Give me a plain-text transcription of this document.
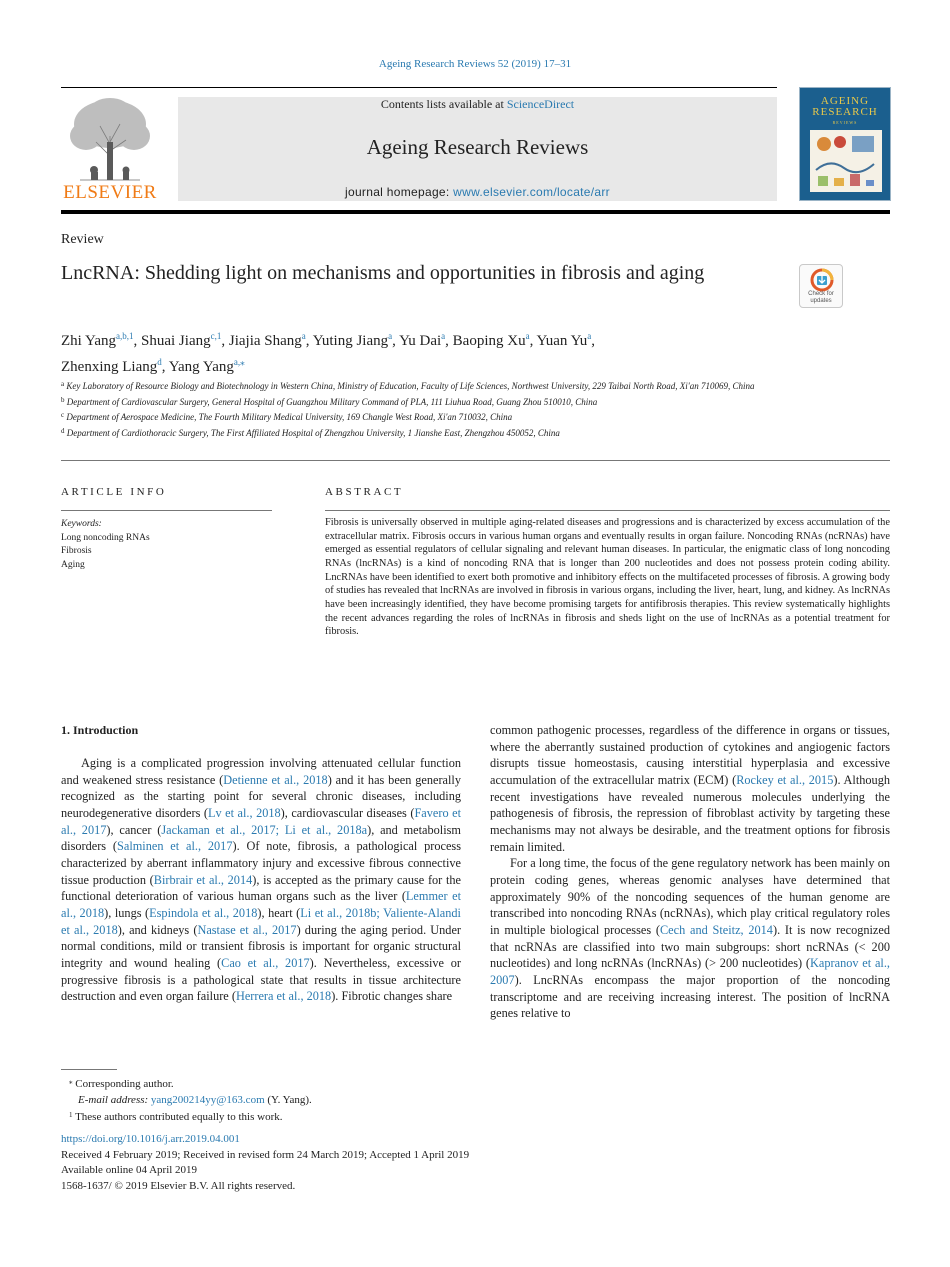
Ageing Research Reviews 52 (2019) 17–31
ELSEVIER
Contents lists available at ScienceDirect
Ageing Research Reviews
journal homepage: www.elsevier.com/locate/arr
AGEING RESEARCH
REVIEWS
Review
LncRNA: Shedding light on mechanisms and opportunities in fibrosis and aging
Check for updates
Zhi Yang$^{a,b,1}$, Shuai Jiang$^{c,1}$, Jiajia Shang$^a$, Yuting Jiang$^a$, Yu Dai$^a$, Baoping Xu$^a$, Yuan Yu$^a$,
Zhenxing Liang$^d$, Yang Yang$^{a,⁎}$
$^a$ Key Laboratory of Resource Biology and Biotechnology in Western China, Ministry of Education, Faculty of Life Sciences, Northwest University, 229 Taibai North Road, Xi'an 710069, China
$^b$ Department of Cardiovascular Surgery, General Hospital of Guangzhou Military Command of PLA, 111 Liuhua Road, Guang Zhou 510010, China
$^c$ Department of Aerospace Medicine, The Fourth Military Medical University, 169 Changle West Road, Xi'an 710032, China
$^d$ Department of Cardiothoracic Surgery, The First Affiliated Hospital of Zhengzhou University, 1 Jianshe East, Zhengzhou 450052, China
ARTICLE INFO
Keywords:
Long noncoding RNAs
Fibrosis
Aging
ABSTRACT
Fibrosis is universally observed in multiple aging-related diseases and progressions and is characterized by excess accumulation of the extracellular matrix. Fibrosis occurs in various human organs and eventually results in organ failure. Noncoding RNAs (ncRNAs) have emerged as essential regulators of cellular signaling and relevant human diseases. In particular, the enigmatic class of long noncoding RNAs (lncRNAs) is a kind of noncoding RNA that is longer than 200 nucleotides and does not possess protein coding ability. LncRNAs have been identified to exert both promotive and inhibitory effects on the multifaceted processes of fibrosis. A growing body of studies has revealed that lncRNAs are involved in fibrosis in various organs, including the liver, heart, lung, and kidney. As lncRNAs have been increasingly identified, they have become promising targets for antifibrosis therapies. This review systematically highlights the recent advances regarding the roles of lncRNAs in fibrosis and sheds light on the use of lncRNAs as a potential treatment for fibrosis.
1. Introduction

Aging is a complicated progression involving attenuated cellular function and weakened stress resistance (Detienne et al., 2018) and it has been generally recognized as the starting point for several chronic diseases, including neurodegenerative disorders (Lv et al., 2018), cardiovascular diseases (Favero et al., 2017), cancer (Jackaman et al., 2017; Li et al., 2018a), and metabolism disorders (Salminen et al., 2017). Of note, fibrosis, a pathological process characterized by aberrant inflammatory injury and excessive fibrous connective tissue production (Birbrair et al., 2014), is accepted as the primary cause for the functional deterioration of various human organs such as the liver (Lemmer et al., 2018), lungs (Espindola et al., 2018), heart (Li et al., 2018b; Valiente-Alandi et al., 2018), and kidneys (Nastase et al., 2017) during the aging period. Under normal conditions, mild or transient fibrosis is important for organic structural integrity and wound healing (Cao et al., 2017). Nevertheless, excessive or progressive fibrosis is a pathological state that results in tissue architecture destruction and even organ failure (Herrera et al., 2018). Fibrotic changes share

common pathogenic processes, regardless of the difference in organs or tissues, where the aberrantly sustained production of cytokines and angiogenic factors disrupts tissue homeostasis, causing interstitial hyperplasia and excessive accumulation of the extracellular matrix (ECM) (Rockey et al., 2015). Although recent investigations have revealed numerous molecules underlying the pathogenesis of fibrosis, the repression of fibroblast activity by targeting these mechanisms may not always be desirable, and the treatment options for fibrosis remain limited.

For a long time, the focus of the gene regulatory network has been mainly on protein coding genes, whereas genomic analyses have determined that approximately 90% of the noncoding sequences of the human genome are transcribed into noncoding RNAs (ncRNAs), which play critical regulatory roles in multiple biological processes (Cech and Steitz, 2014). It is now recognized that ncRNAs are classified into two main subgroups: short ncRNAs (< 200 nucleotides) and long ncRNAs (lncRNAs) (> 200 nucleotides) (Kapranov et al., 2007). LncRNAs encompass the major proportion of the noncoding transcriptome and are receiving increasing interest. The position of lncRNA genes relative to

⁎ Corresponding author.
E-mail address: yang200214yy@163.com (Y. Yang).
$^1$ These authors contributed equally to this work.
https://doi.org/10.1016/j.arr.2019.04.001
Received 4 February 2019; Received in revised form 24 March 2019; Accepted 1 April 2019
Available online 04 April 2019
1568-1637/ © 2019 Elsevier B.V. All rights reserved.
